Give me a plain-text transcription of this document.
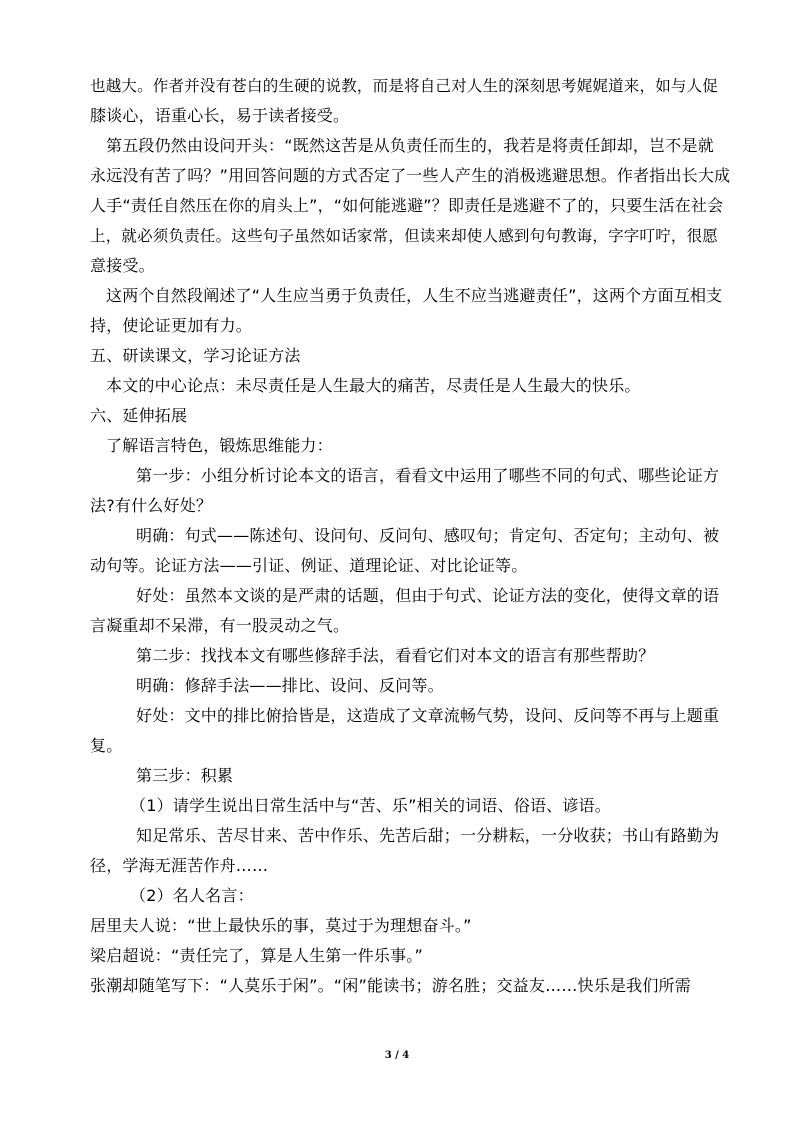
也越大。作者并没有苍白的生硬的说教，而是将自己对人生的深刻思考娓娓道来，如与人促
膝谈心，语重心长，易于读者接受。
第五段仍然由设问开头：“既然这苦是从负责任而生的，我若是将责任卸却，岂不是就
永远没有苦了吗？”用回答问题的方式否定了一些人产生的消极逃避思想。作者指出长大成
人手“责任自然压在你的肩头上”，“如何能逃避”？即责任是逃避不了的，只要生活在社会
上，就必须负责任。这些句子虽然如话家常，但读来却使人感到句句教诲，字字叮咛，很愿
意接受。
这两个自然段阐述了“人生应当勇于负责任，人生不应当逃避责任”，这两个方面互相支
持，使论证更加有力。
五、研读课文，学习论证方法
本文的中心论点：未尽责任是人生最大的痛苦，尽责任是人生最大的快乐。
六、延伸拓展
了解语言特色，锻炼思维能力：
第一步：小组分析讨论本文的语言，看看文中运用了哪些不同的句式、哪些论证方
法?有什么好处？
明确：句式——陈述句、设问句、反问句、感叹句；肯定句、否定句；主动句、被
动句等。论证方法——引证、例证、道理论证、对比论证等。
好处：虽然本文谈的是严肃的话题，但由于句式、论证方法的变化，使得文章的语
言凝重却不呆滞，有一股灵动之气。
第二步：找找本文有哪些修辞手法，看看它们对本文的语言有那些帮助？
明确：修辞手法——排比、设问、反问等。
好处：文中的排比俯拾皆是，这造成了文章流畅气势，设问、反问等不再与上题重
复。
第三步：积累
（1）请学生说出日常生活中与“苦、乐”相关的词语、俗语、谚语。
知足常乐、苦尽甘来、苦中作乐、先苦后甜；一分耕耘，一分收获；书山有路勤为
径，学海无涯苦作舟……
（2）名人名言：
居里夫人说：“世上最快乐的事，莫过于为理想奋斗。”
梁启超说：“责任完了，算是人生第一件乐事。”
张潮却随笔写下：“人莫乐于闲”。“闲”能读书；游名胜；交益友……快乐是我们所需
3 / 4
